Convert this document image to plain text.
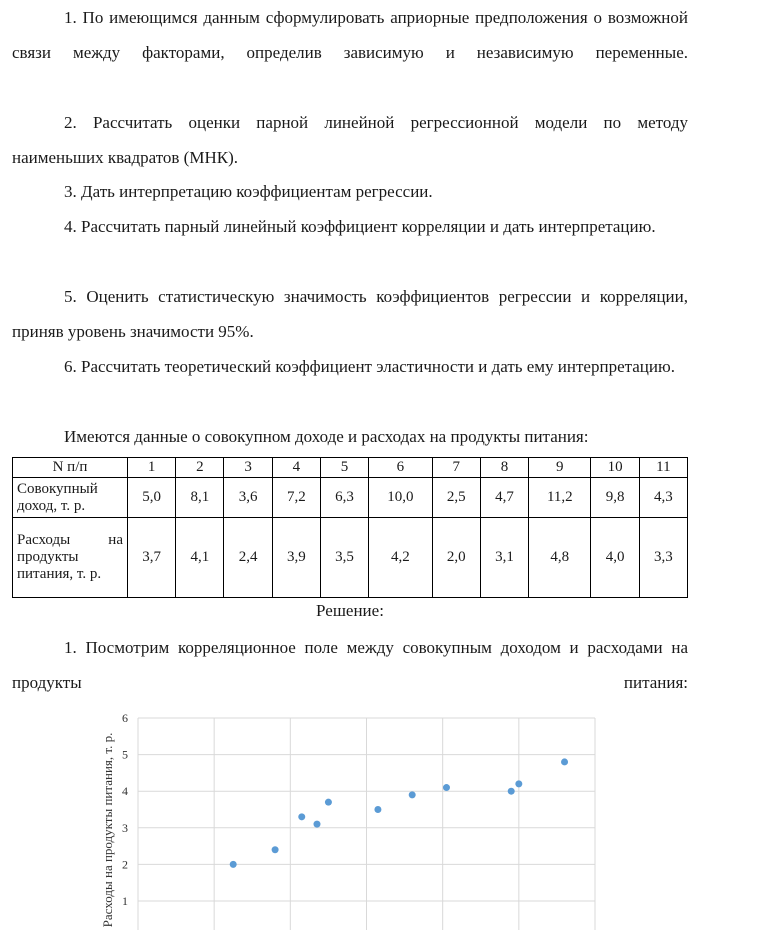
1. По имеющимся данным сформулировать априорные предположения о возможной связи между факторами, определив зависимую и независимую переменные.

2. Рассчитать оценки парной линейной регрессионной модели по методу наименьших квадратов (МНК).

3. Дать интерпретацию коэффициентам регрессии.

4. Рассчитать парный линейный коэффициент корреляции и дать интерпретацию.

5. Оценить статистическую значимость коэффициентов регрессии и корреляции, приняв уровень значимости 95%.

6. Рассчитать теоретический коэффициент эластичности и дать ему интерпретацию.

Имеются данные о совокупном доходе и расходах на продукты питания:

N п/п	1	2	3	4	5	6	7	8	9	10	11
Совокупный доход, т. р.	5,0	8,1	3,6	7,2	6,3	10,0	2,5	4,7	11,2	9,8	4,3
Расходы на продукты питания, т. р.	3,7	4,1	2,4	3,9	3,5	4,2	2,0	3,1	4,8	4,0	3,3
Решение:

1. Посмотрим корреляционное поле между совокупным доходом и расходами на продукты питания:

1
2
3
4
5
6
Расходы на продукты питания, т. р.
